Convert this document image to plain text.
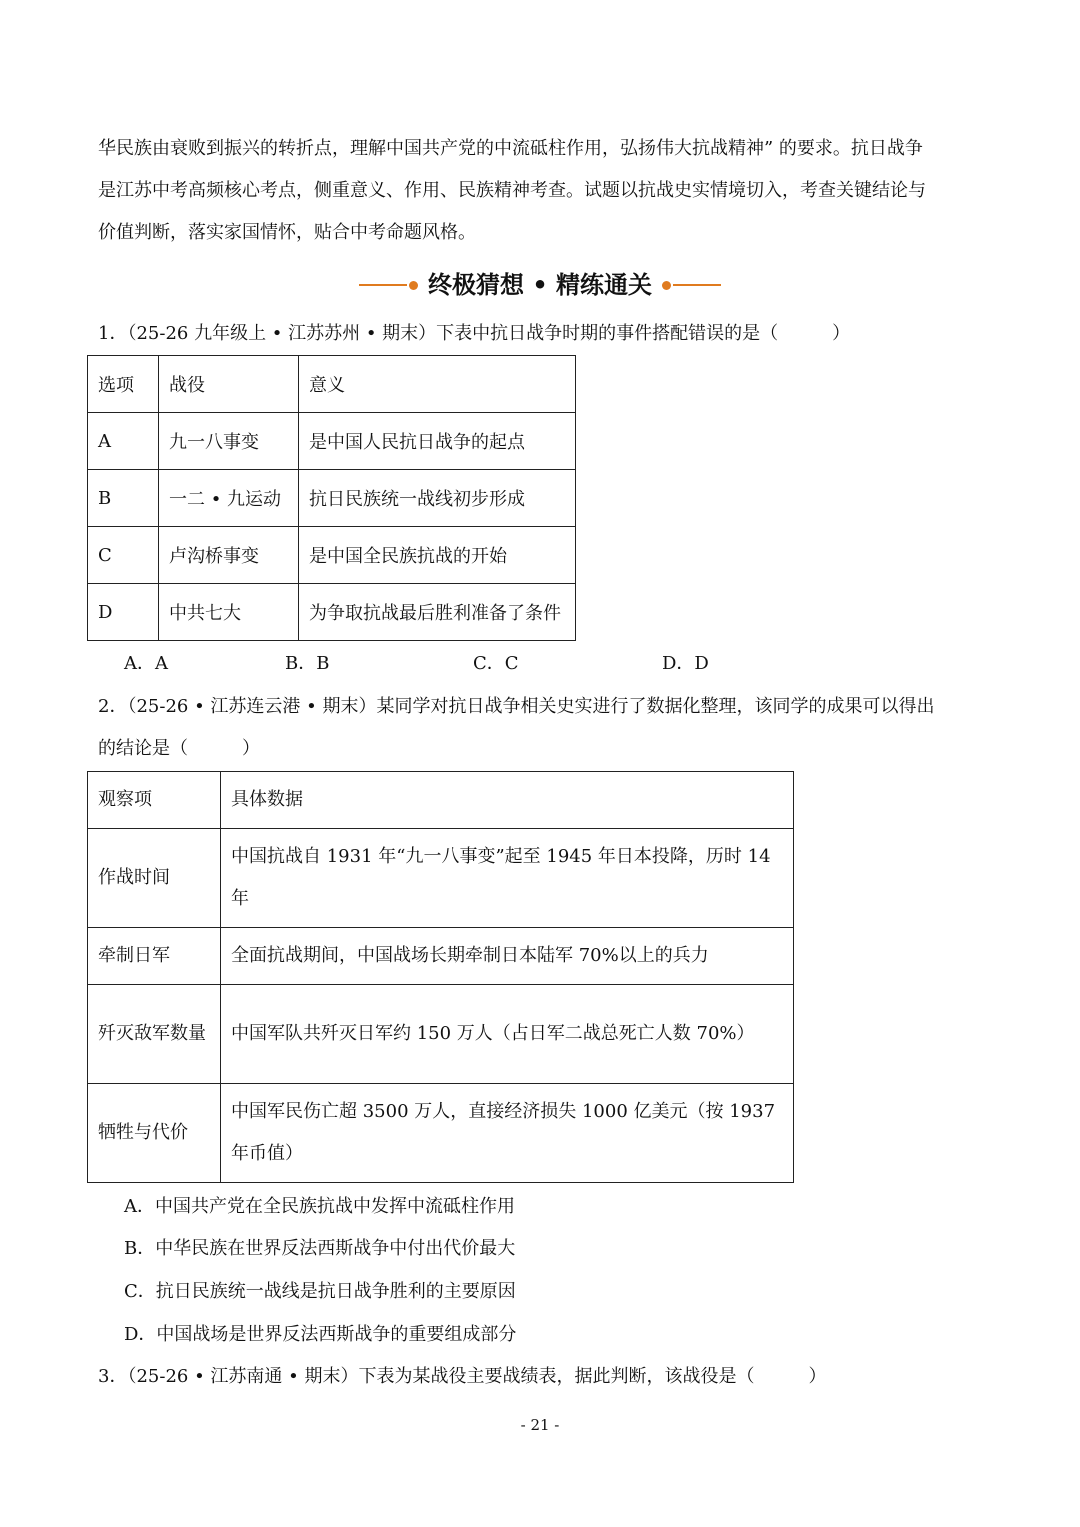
华民族由衰败到振兴的转折点，理解中国共产党的中流砥柱作用，弘扬伟大抗战精神” 的要求。抗日战争
是江苏中考高频核心考点，侧重意义、作用、民族精神考查。试题以抗战史实情境切入，考查关键结论与
价值判断，落实家国情怀，贴合中考命题风格。
终极猜想 • 精练通关
1．（25-26 九年级上 • 江苏苏州 • 期末）下表中抗日战争时期的事件搭配错误的是（　　　）
选项	战役	意义
A	九一八事变	是中国人民抗日战争的起点
B	一二 • 九运动	抗日民族统一战线初步形成
C	卢沟桥事变	是中国全民族抗战的开始
D	中共七大	为争取抗战最后胜利准备了条件
A．A	B．B	C．C	D．D
2．（25-26 • 江苏连云港 • 期末）某同学对抗日战争相关史实进行了数据化整理，该同学的成果可以得出
的结论是（　　　）
观察项	具体数据
作战时间	中国抗战自 1931 年“九一八事变”起至 1945 年日本投降，历时 14 年
牵制日军	全面抗战期间，中国战场长期牵制日本陆军 70%以上的兵力
歼灭敌军数量	中国军队共歼灭日军约 150 万人（占日军二战总死亡人数 70%）
牺牲与代价	中国军民伤亡超 3500 万人，直接经济损失 1000 亿美元（按 1937 年币值）
A．中国共产党在全民族抗战中发挥中流砥柱作用
B．中华民族在世界反法西斯战争中付出代价最大
C．抗日民族统一战线是抗日战争胜利的主要原因
D．中国战场是世界反法西斯战争的重要组成部分
3．（25-26 • 江苏南通 • 期末）下表为某战役主要战绩表，据此判断，该战役是（　　　）
- 21 -
